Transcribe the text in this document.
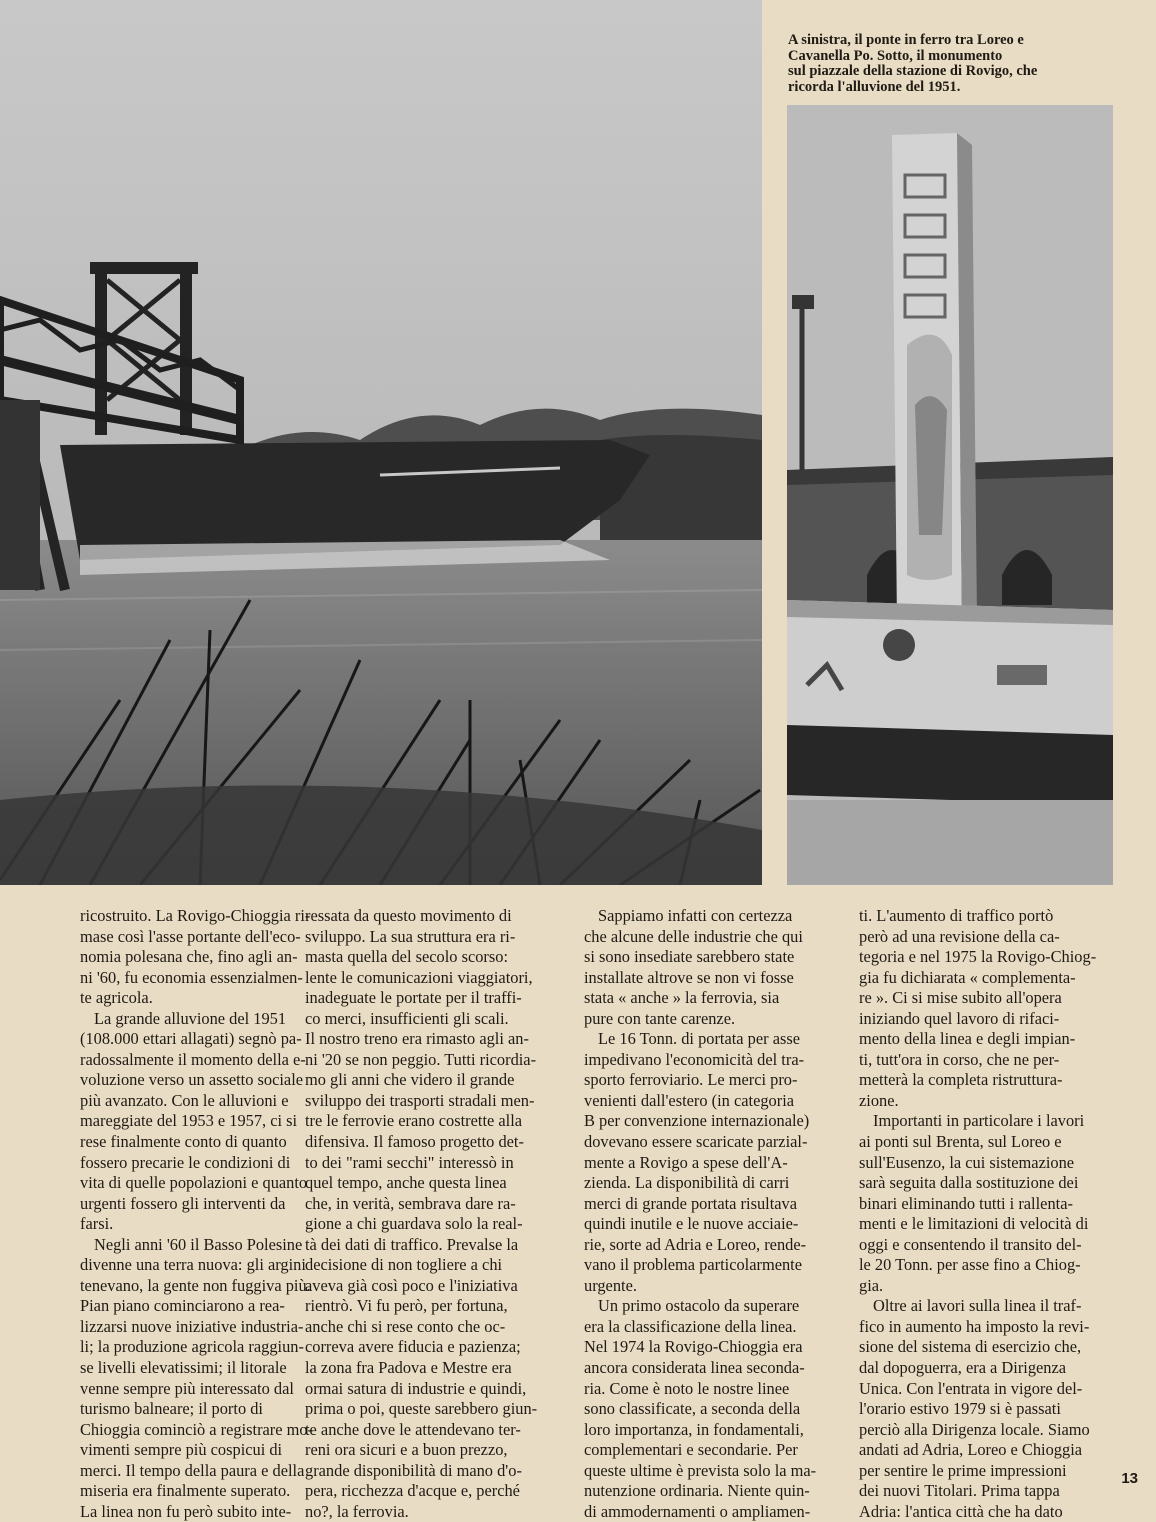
A sinistra, il ponte in ferro tra Loreo e
Cavanella Po. Sotto, il monumento
sul piazzale della stazione di Rovigo, che
ricorda l'alluvione del 1951.
ricostruito. La Rovigo-Chioggia ri-
mase così l'asse portante dell'eco-
nomia polesana che, fino agli an-
ni '60, fu economia essenzialmen-
te agricola.
La grande alluvione del 1951
(108.000 ettari allagati) segnò pa-
radossalmente il momento della e-
voluzione verso un assetto sociale
più avanzato. Con le alluvioni e
mareggiate del 1953 e 1957, ci si
rese finalmente conto di quanto
fossero precarie le condizioni di
vita di quelle popolazioni e quanto
urgenti fossero gli interventi da
farsi.
Negli anni '60 il Basso Polesine
divenne una terra nuova: gli argini
tenevano, la gente non fuggiva più.
Pian piano cominciarono a rea-
lizzarsi nuove iniziative industria-
li; la produzione agricola raggiun-
se livelli elevatissimi; il litorale
venne sempre più interessato dal
turismo balneare; il porto di
Chioggia cominciò a registrare mo-
vimenti sempre più cospicui di
merci. Il tempo della paura e della
miseria era finalmente superato.
La linea non fu però subito inte-
ressata da questo movimento di
sviluppo. La sua struttura era ri-
masta quella del secolo scorso:
lente le comunicazioni viaggiatori,
inadeguate le portate per il traffi-
co merci, insufficienti gli scali.
Il nostro treno era rimasto agli an-
ni '20 se non peggio. Tutti ricordia-
mo gli anni che videro il grande
sviluppo dei trasporti stradali men-
tre le ferrovie erano costrette alla
difensiva. Il famoso progetto det-
to dei "rami secchi" interessò in
quel tempo, anche questa linea
che, in verità, sembrava dare ra-
gione a chi guardava solo la real-
tà dei dati di traffico. Prevalse la
decisione di non togliere a chi
aveva già così poco e l'iniziativa
rientrò. Vi fu però, per fortuna,
anche chi si rese conto che oc-
correva avere fiducia e pazienza;
la zona fra Padova e Mestre era
ormai satura di industrie e quindi,
prima o poi, queste sarebbero giun-
te anche dove le attendevano ter-
reni ora sicuri e a buon prezzo,
grande disponibilità di mano d'o-
pera, ricchezza d'acque e, perché
no?, la ferrovia.
Sappiamo infatti con certezza
che alcune delle industrie che qui
si sono insediate sarebbero state
installate altrove se non vi fosse
stata « anche » la ferrovia, sia
pure con tante carenze.
Le 16 Tonn. di portata per asse
impedivano l'economicità del tra-
sporto ferroviario. Le merci pro-
venienti dall'estero (in categoria
B per convenzione internazionale)
dovevano essere scaricate parzial-
mente a Rovigo a spese dell'A-
zienda. La disponibilità di carri
merci di grande portata risultava
quindi inutile e le nuove acciaie-
rie, sorte ad Adria e Loreo, rende-
vano il problema particolarmente
urgente.
Un primo ostacolo da superare
era la classificazione della linea.
Nel 1974 la Rovigo-Chioggia era
ancora considerata linea seconda-
ria. Come è noto le nostre linee
sono classificate, a seconda della
loro importanza, in fondamentali,
complementari e secondarie. Per
queste ultime è prevista solo la ma-
nutenzione ordinaria. Niente quin-
di ammodernamenti o ampliamen-
ti. L'aumento di traffico portò
però ad una revisione della ca-
tegoria e nel 1975 la Rovigo-Chiog-
gia fu dichiarata « complementa-
re ». Ci si mise subito all'opera
iniziando quel lavoro di rifaci-
mento della linea e degli impian-
ti, tutt'ora in corso, che ne per-
metterà la completa ristruttura-
zione.
Importanti in particolare i lavori
ai ponti sul Brenta, sul Loreo e
sull'Eusenzo, la cui sistemazione
sarà seguita dalla sostituzione dei
binari eliminando tutti i rallenta-
menti e le limitazioni di velocità di
oggi e consentendo il transito del-
le 20 Tonn. per asse fino a Chiog-
gia.
Oltre ai lavori sulla linea il traf-
fico in aumento ha imposto la revi-
sione del sistema di esercizio che,
dal dopoguerra, era a Dirigenza
Unica. Con l'entrata in vigore del-
l'orario estivo 1979 si è passati
perciò alla Dirigenza locale. Siamo
andati ad Adria, Loreo e Chioggia
per sentire le prime impressioni
dei nuovi Titolari. Prima tappa
Adria: l'antica città che ha dato
13
